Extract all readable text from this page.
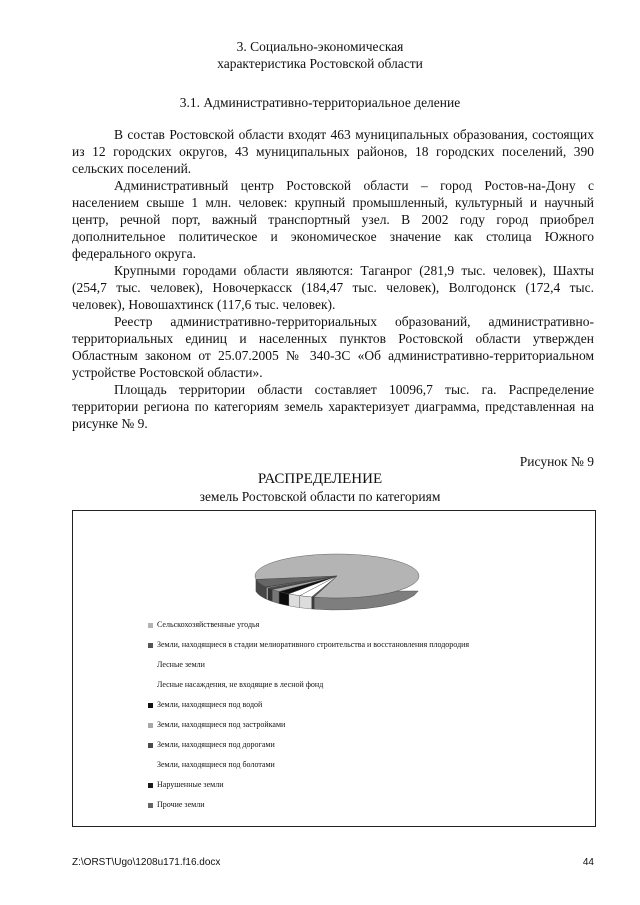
3. Социально-экономическая
характеристика Ростовской области
3.1. Административно-территориальное деление

В состав Ростовской области входят 463 муниципальных образования, состоящих из 12 городских округов, 43 муниципальных районов, 18 городских поселений, 390 сельских поселений.

Административный центр Ростовской области – город Ростов-на-Дону с населением свыше 1 млн. человек: крупный промышленный, культурный и научный центр, речной порт, важный транспортный узел. В 2002 году город приобрел дополнительное политическое и экономическое значение как столица Южного федерального округа.

Крупными городами области являются: Таганрог (281,9 тыс. человек), Шахты (254,7 тыс. человек), Новочеркасск (184,47 тыс. человек), Волгодонск (172,4 тыс. человек), Новошахтинск (117,6 тыс. человек).

Реестр административно-территориальных образований, административно-территориальных единиц и населенных пунктов Ростовской области утвержден Областным законом от 25.07.2005 № 340-ЗС «Об административно-территориальном устройстве Ростовской области».

Площадь территории области составляет 10096,7 тыс. га. Распределение территории региона по категориям земель характеризует диаграмма, представленная на рисунке № 9.

Рисунок № 9
РАСПРЕДЕЛЕНИЕ
земель Ростовской области по категориям
Сельскохозяйственные угодья
Земли, находящиеся в стадии мелиоративного строительства и восстановления плодородия
Лесные земли
Лесные насаждения, не входящие в лесной фонд
Земли, находящиеся под водой
Земли, находящиеся под застройками
Земли, находящиеся под дорогами
Земли, находящиеся под болотами
Нарушенные земли
Прочие земли
Z:\ORST\Ugo\1208u171.f16.docx	44
